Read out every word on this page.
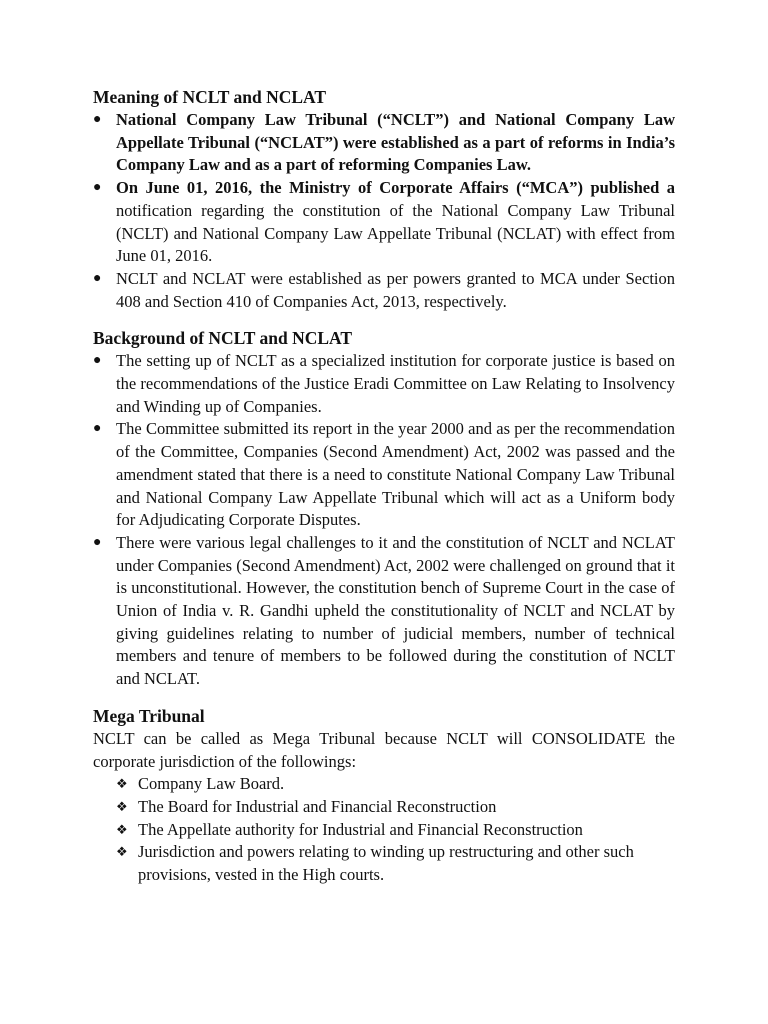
Meaning of NCLT and NCLAT
● National Company Law Tribunal (“NCLT”) and National Company Law Appellate Tribunal (“NCLAT”) were established as a part of reforms in India’s Company Law and as a part of reforming Companies Law.
● On June 01, 2016, the Ministry of Corporate Affairs (“MCA”) published a notification regarding the constitution of the National Company Law Tribunal (NCLT) and National Company Law Appellate Tribunal (NCLAT) with effect from June 01, 2016.
● NCLT and NCLAT were established as per powers granted to MCA under Section 408 and Section 410 of Companies Act, 2013, respectively.
Background of NCLT and NCLAT
● The setting up of NCLT as a specialized institution for corporate justice is based on the recommendations of the Justice Eradi Committee on Law Relating to Insolvency and Winding up of Companies.
● The Committee submitted its report in the year 2000 and as per the recommendation of the Committee, Companies (Second Amendment) Act, 2002 was passed and the amendment stated that there is a need to constitute National Company Law Tribunal and National Company Law Appellate Tribunal which will act as a Uniform body for Adjudicating Corporate Disputes.
● There were various legal challenges to it and the constitution of NCLT and NCLAT under Companies (Second Amendment) Act, 2002 were challenged on ground that it is unconstitutional. However, the constitution bench of Supreme Court in the case of Union of India v. R. Gandhi upheld the constitutionality of NCLT and NCLAT by giving guidelines relating to number of judicial members, number of technical members and tenure of members to be followed during the constitution of NCLT and NCLAT.
Mega Tribunal

NCLT can be called as Mega Tribunal because NCLT will CONSOLIDATE the corporate jurisdiction of the followings:

❖ Company Law Board.
❖ The Board for Industrial and Financial Reconstruction
❖ The Appellate authority for Industrial and Financial Reconstruction
❖ Jurisdiction and powers relating to winding up restructuring and other such provisions, vested in the High courts.
